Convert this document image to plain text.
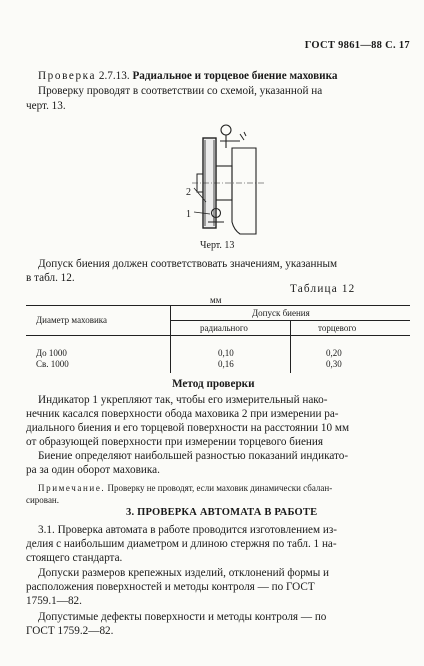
ГОСТ 9861—88 С. 17
Проверка 2.7.13. Радиальное и торцевое биение маховика
Проверку проводят в соответствии со схемой, указанной на
черт. 13.
2
1
Черт. 13
Допуск биения должен соответствовать значениям, указанным
в табл. 12.
Таблица 12
мм
Диаметр маховика
Допуск биения
радиального	торцевого
До 1000	0,10	0,20
Св. 1000	0,16	0,30
Метод проверки
Индикатор 1 укрепляют так, чтобы его измерительный нако-
нечник касался поверхности обода маховика 2 при измерении ра-
диального биения и его торцевой поверхности на расстоянии 10 мм
от образующей поверхности при измерении торцевого биения
Биение определяют наибольшей разностью показаний индикато-
ра за один оборот маховика.
Примечание. Проверку не проводят, если маховик динамически сбалан-
сирован.
3. ПРОВЕРКА АВТОМАТА В РАБОТЕ
3.1. Проверка автомата в работе проводится изготовлением из-
делия с наибольшим диаметром и длиною стержня по табл. 1 на-
стоящего стандарта.
Допуски размеров крепежных изделий, отклонений формы и
расположения поверхностей и методы контроля — по ГОСТ
1759.1—82.
Допустимые дефекты поверхности и методы контроля — по
ГОСТ 1759.2—82.
